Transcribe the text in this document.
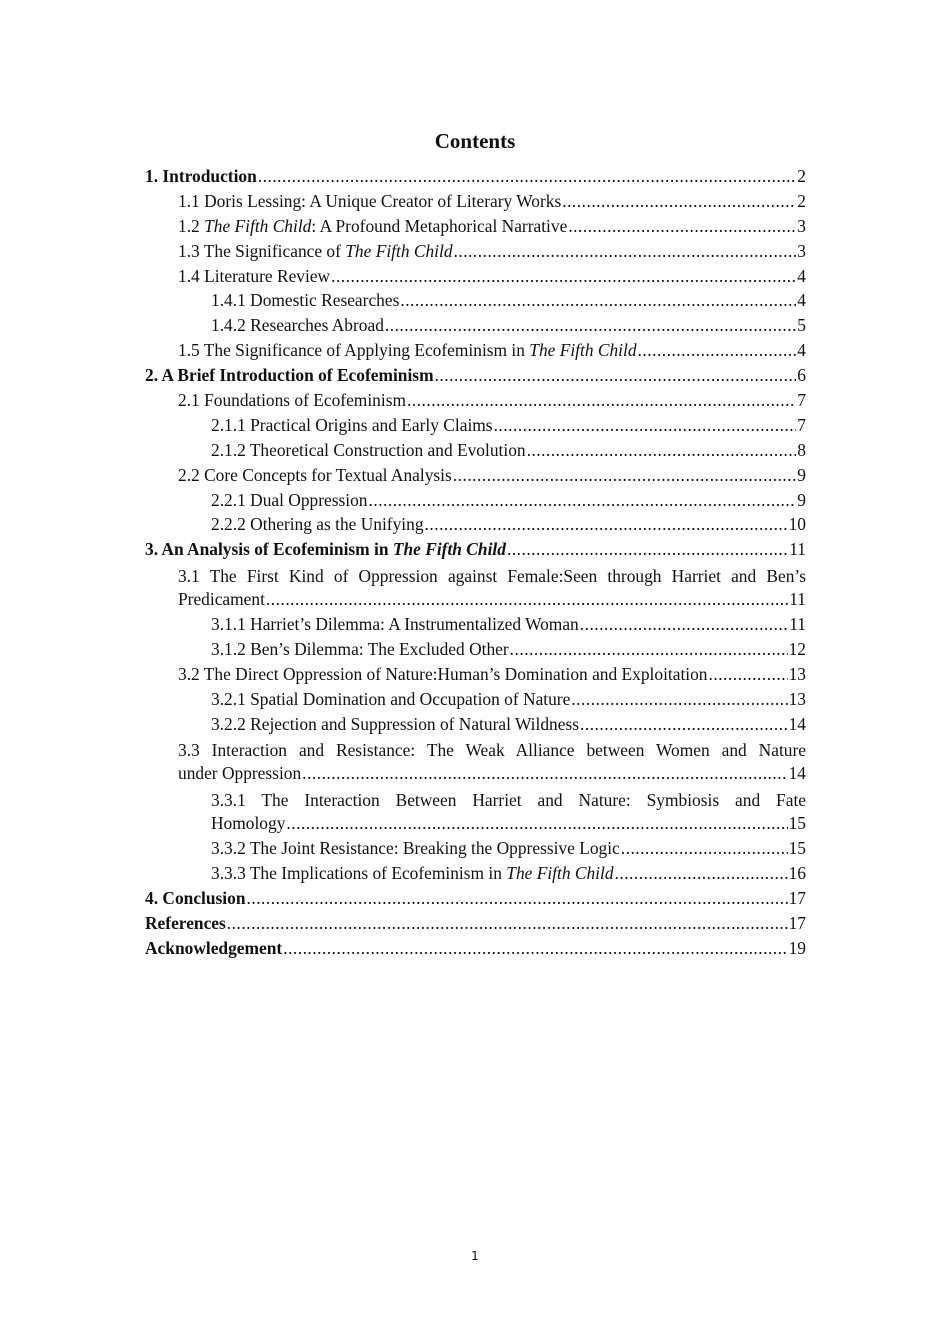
Contents
1. Introduction .....	2
1.1 Doris Lessing: A Unique Creator of Literary Works .....	2
1.2 The Fifth Child: A Profound Metaphorical Narrative .....	3
1.3 The Significance of The Fifth Child .....	3
1.4 Literature Review .....	4
1.4.1 Domestic Researches .....	4
1.4.2 Researches Abroad .....	5
1.5 The Significance of Applying Ecofeminism in The Fifth Child .....	4
2. A Brief Introduction of Ecofeminism .....	6
2.1 Foundations of Ecofeminism .....	7
2.1.1 Practical Origins and Early Claims .....	7
2.1.2 Theoretical Construction and Evolution .....	8
2.2 Core Concepts for Textual Analysis .....	9
2.2.1 Dual Oppression .....	9
2.2.2 Othering as the Unifying .....	10
3. An Analysis of Ecofeminism in The Fifth Child .....	11
3.1 The First Kind of Oppression against Female:Seen through Harriet and Ben’s
Predicament .....	11
3.1.1 Harriet’s Dilemma: A Instrumentalized Woman .....	11
3.1.2 Ben’s Dilemma: The Excluded Other .....	12
3.2 The Direct Oppression of Nature:Human’s Domination and Exploitation .....	13
3.2.1 Spatial Domination and Occupation of Nature .....	13
3.2.2 Rejection and Suppression of Natural Wildness .....	14
3.3 Interaction and Resistance: The Weak Alliance between Women and Nature
under Oppression .....	14
3.3.1 The Interaction Between Harriet and Nature: Symbiosis and Fate
Homology .....	15
3.3.2 The Joint Resistance: Breaking the Oppressive Logic .....	15
3.3.3 The Implications of Ecofeminism in The Fifth Child .....	16
4. Conclusion .....	17
References .....	17
Acknowledgement .....	19
1
